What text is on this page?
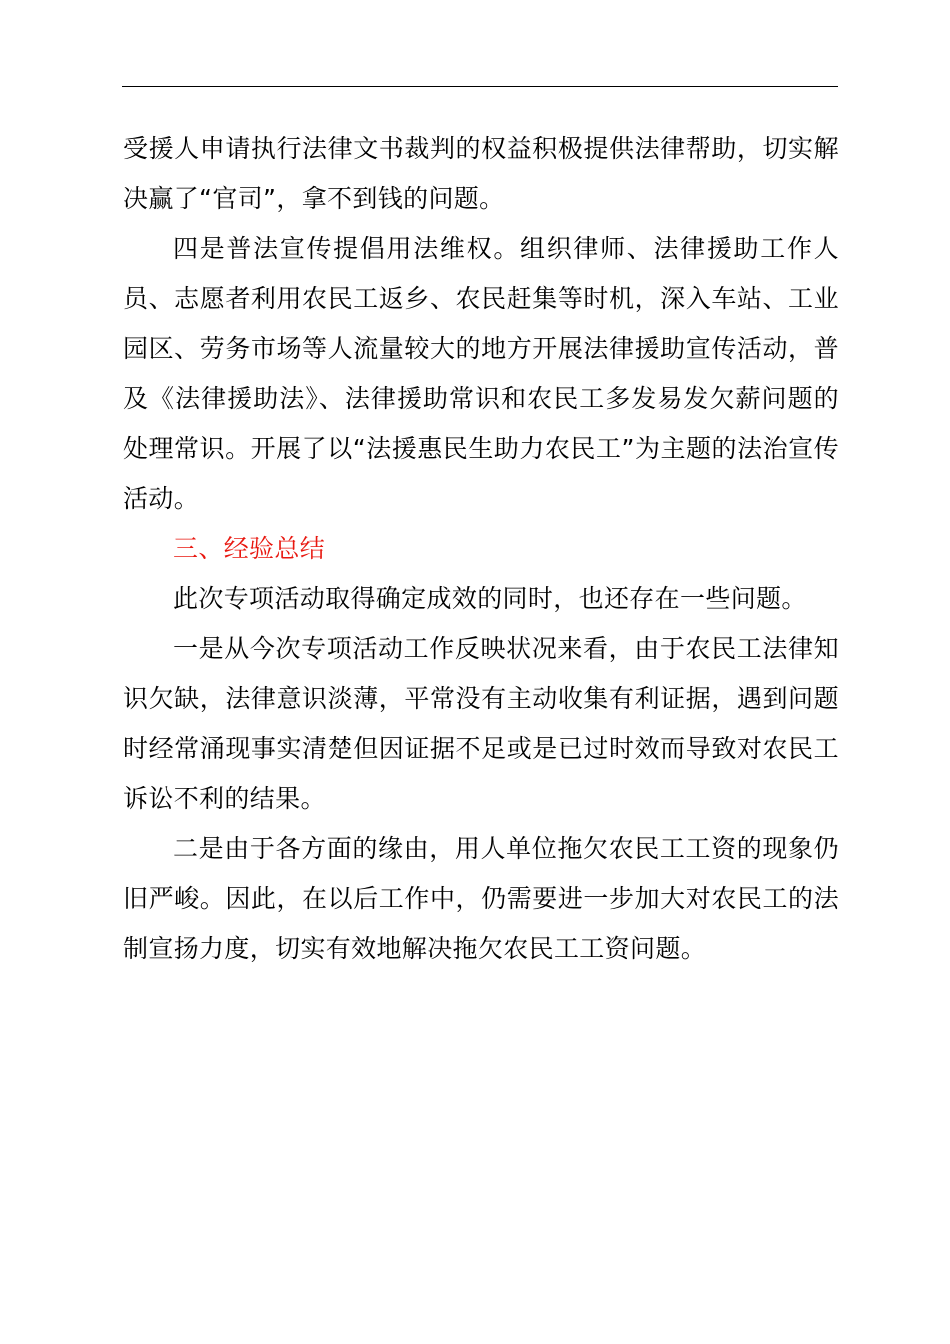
受援人申请执行法律文书裁判的权益积极提供法律帮助，切实解决赢了“官司”，拿不到钱的问题。

四是普法宣传提倡用法维权。组织律师、法律援助工作人员、志愿者利用农民工返乡、农民赶集等时机，深入车站、工业园区、劳务市场等人流量较大的地方开展法律援助宣传活动，普及《法律援助法》、法律援助常识和农民工多发易发欠薪问题的处理常识。开展了以“法援惠民生助力农民工”为主题的法治宣传活动。

三、经验总结

此次专项活动取得确定成效的同时，也还存在一些问题。

一是从今次专项活动工作反映状况来看，由于农民工法律知识欠缺，法律意识淡薄，平常没有主动收集有利证据，遇到问题时经常涌现事实清楚但因证据不足或是已过时效而导致对农民工诉讼不利的结果。

二是由于各方面的缘由，用人单位拖欠农民工工资的现象仍旧严峻。因此，在以后工作中，仍需要进一步加大对农民工的法制宣扬力度，切实有效地解决拖欠农民工工资问题。
